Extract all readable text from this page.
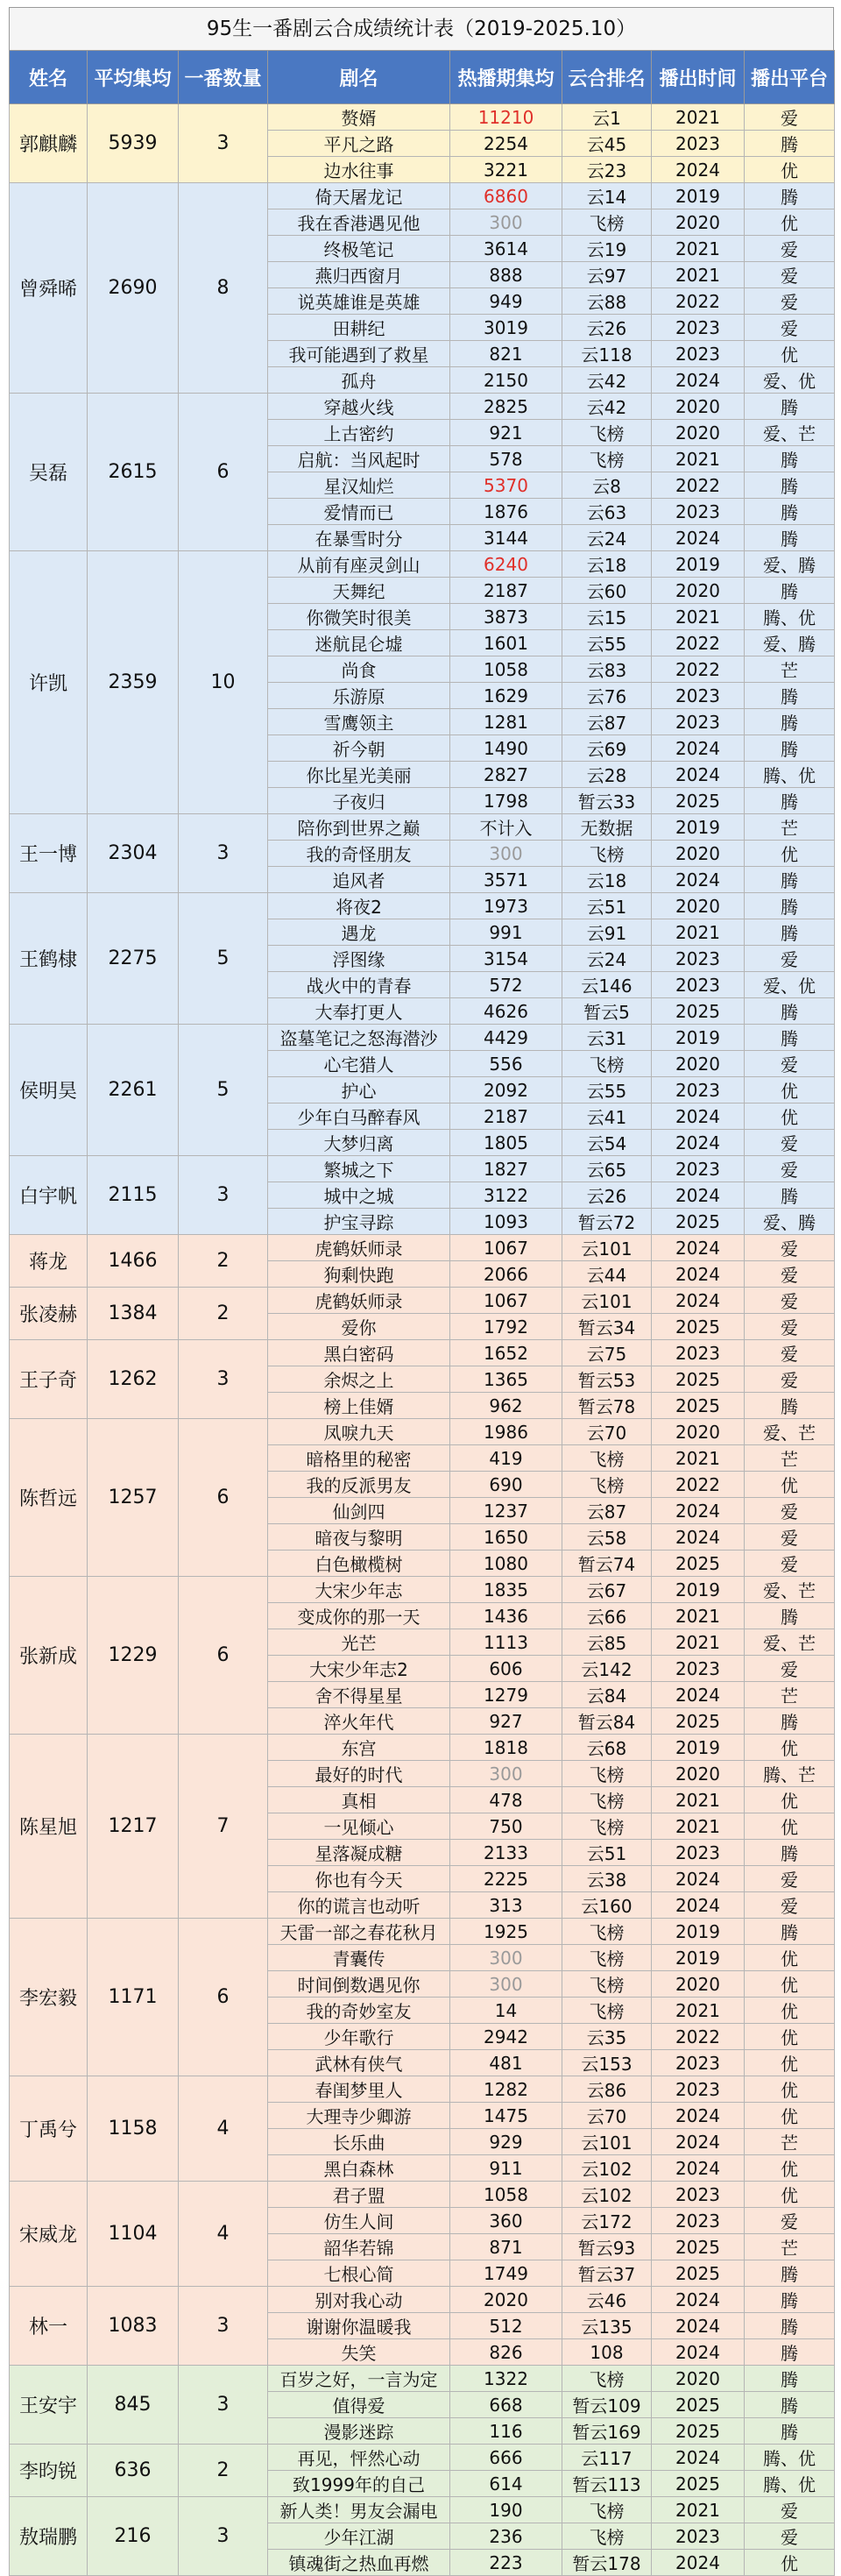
95生一番剧云合成绩统计表（2019-2025.10）
姓名	平均集均	一番数量	剧名	热播期集均	云合排名	播出时间	播出平台
郭麒麟	5939	3	赘婿	11210	云1	2021	爱
			平凡之路	2254	云45	2023	腾
			边水往事	3221	云23	2024	优
曾舜晞	2690	8	倚天屠龙记	6860	云14	2019	腾
			我在香港遇见他	300	飞榜	2020	优
			终极笔记	3614	云19	2021	爱
			燕归西窗月	888	云97	2021	爱
			说英雄谁是英雄	949	云88	2022	爱
			田耕纪	3019	云26	2023	爱
			我可能遇到了救星	821	云118	2023	优
			孤舟	2150	云42	2024	爱、优
吴磊	2615	6	穿越火线	2825	云42	2020	腾
			上古密约	921	飞榜	2020	爱、芒
			启航：当风起时	578	飞榜	2021	腾
			星汉灿烂	5370	云8	2022	腾
			爱情而已	1876	云63	2023	腾
			在暴雪时分	3144	云24	2024	腾
许凯	2359	10	从前有座灵剑山	6240	云18	2019	爱、腾
			天舞纪	2187	云60	2020	腾
			你微笑时很美	3873	云15	2021	腾、优
			迷航昆仑墟	1601	云55	2022	爱、腾
			尚食	1058	云83	2022	芒
			乐游原	1629	云76	2023	腾
			雪鹰领主	1281	云87	2023	腾
			祈今朝	1490	云69	2024	腾
			你比星光美丽	2827	云28	2024	腾、优
			子夜归	1798	暂云33	2025	腾
王一博	2304	3	陪你到世界之巅	不计入	无数据	2019	芒
			我的奇怪朋友	300	飞榜	2020	优
			追风者	3571	云18	2024	腾
王鹤棣	2275	5	将夜2	1973	云51	2020	腾
			遇龙	991	云91	2021	腾
			浮图缘	3154	云24	2023	爱
			战火中的青春	572	云146	2023	爱、优
			大奉打更人	4626	暂云5	2025	腾
侯明昊	2261	5	盗墓笔记之怒海潜沙	4429	云31	2019	腾
			心宅猎人	556	飞榜	2020	爱
			护心	2092	云55	2023	优
			少年白马醉春风	2187	云41	2024	优
			大梦归离	1805	云54	2024	爱
白宇帆	2115	3	繁城之下	1827	云65	2023	爱
			城中之城	3122	云26	2024	腾
			护宝寻踪	1093	暂云72	2025	爱、腾
蒋龙	1466	2	虎鹤妖师录	1067	云101	2024	爱
			狗剩快跑	2066	云44	2024	爱
张凌赫	1384	2	虎鹤妖师录	1067	云101	2024	爱
			爱你	1792	暂云34	2025	爱
王子奇	1262	3	黑白密码	1652	云75	2023	爱
			余烬之上	1365	暂云53	2025	爱
			榜上佳婿	962	暂云78	2025	腾
陈哲远	1257	6	凤唳九天	1986	云70	2020	爱、芒
			暗格里的秘密	419	飞榜	2021	芒
			我的反派男友	690	飞榜	2022	优
			仙剑四	1237	云87	2024	爱
			暗夜与黎明	1650	云58	2024	爱
			白色橄榄树	1080	暂云74	2025	爱
张新成	1229	6	大宋少年志	1835	云67	2019	爱、芒
			变成你的那一天	1436	云66	2021	腾
			光芒	1113	云85	2021	爱、芒
			大宋少年志2	606	云142	2023	爱
			舍不得星星	1279	云84	2024	芒
			淬火年代	927	暂云84	2025	腾
陈星旭	1217	7	东宫	1818	云68	2019	优
			最好的时代	300	飞榜	2020	腾、芒
			真相	478	飞榜	2021	优
			一见倾心	750	飞榜	2021	优
			星落凝成糖	2133	云51	2023	腾
			你也有今天	2225	云38	2024	爱
			你的谎言也动听	313	云160	2024	爱
李宏毅	1171	6	天雷一部之春花秋月	1925	飞榜	2019	腾
			青囊传	300	飞榜	2019	优
			时间倒数遇见你	300	飞榜	2020	优
			我的奇妙室友	14	飞榜	2021	优
			少年歌行	2942	云35	2022	优
			武林有侠气	481	云153	2023	优
丁禹兮	1158	4	春闺梦里人	1282	云86	2023	优
			大理寺少卿游	1475	云70	2024	优
			长乐曲	929	云101	2024	芒
			黑白森林	911	云102	2024	优
宋威龙	1104	4	君子盟	1058	云102	2023	优
			仿生人间	360	云172	2023	爱
			韶华若锦	871	暂云93	2025	芒
			七根心简	1749	暂云37	2025	腾
林一	1083	3	别对我心动	2020	云46	2024	腾
			谢谢你温暖我	512	云135	2024	腾
			失笑	826	108	2024	腾
王安宇	845	3	百岁之好，一言为定	1322	飞榜	2020	腾
			值得爱	668	暂云109	2025	腾
			漫影迷踪	116	暂云169	2025	腾
李昀锐	636	2	再见，怦然心动	666	云117	2024	腾、优
			致1999年的自己	614	暂云113	2025	腾、优
敖瑞鹏	216	3	新人类！男友会漏电	190	飞榜	2021	爱
			少年江湖	236	飞榜	2023	爱
			镇魂街之热血再燃	223	暂云178	2024	优
